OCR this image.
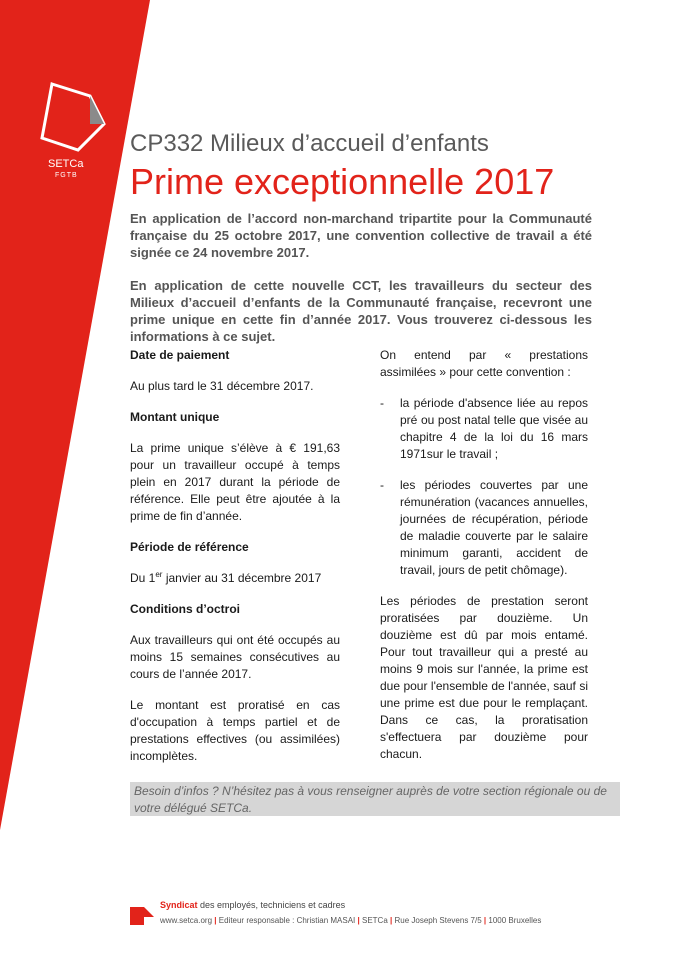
SETCa
FGTB
CP332 Milieux d’accueil d’enfants
Prime exceptionnelle 2017

En application de l’accord non-marchand tripartite pour la Communauté française du 25 octobre 2017, une convention collective de travail a été signée ce 24 novembre 2017.

En application de cette nouvelle CCT, les travailleurs du secteur des Milieux d’accueil d’enfants de la Communauté française, recevront une prime unique en cette fin d’année 2017. Vous trouverez ci-dessous les informations à ce sujet.

Date de paiement

Au plus tard le 31 décembre 2017.

Montant unique

La prime unique s’élève à € 191,63 pour un travailleur occupé à temps plein en 2017 durant la période de référence. Elle peut être ajoutée à la prime de fin d’année.

Période de référence

Du 1er janvier au 31 décembre 2017

Conditions d’octroi

Aux travailleurs qui ont été occupés au moins 15 semaines consécutives au cours de l’année 2017.

Le montant est proratisé en cas d'occupation à temps partiel et de prestations effectives (ou assimilées) incomplètes.

On entend par « prestations assimilées » pour cette convention :

- la période d'absence liée au repos pré ou post natal telle que visée au chapitre 4 de la loi du 16 mars 1971sur le travail ;
- les périodes couvertes par une rémunération (vacances annuelles, journées de récupération, période de maladie couverte par le salaire minimum garanti, accident de travail, jours de petit chômage).

Les périodes de prestation seront proratisées par douzième. Un douzième est dû par mois entamé. Pour tout travailleur qui a presté au moins 9 mois sur l'année, la prime est due pour l'ensemble de l'année, sauf si une prime est due pour le remplaçant. Dans ce cas, la proratisation s'effectuera par douzième pour chacun.

Besoin d’infos ? N’hésitez pas à vous renseigner auprès de votre section régionale ou de votre délégué SETCa.
Syndicat des employés, techniciens et cadres
www.setca.org | Editeur responsable : Christian MASAI | SETCa | Rue Joseph Stevens 7/5 | 1000 Bruxelles
